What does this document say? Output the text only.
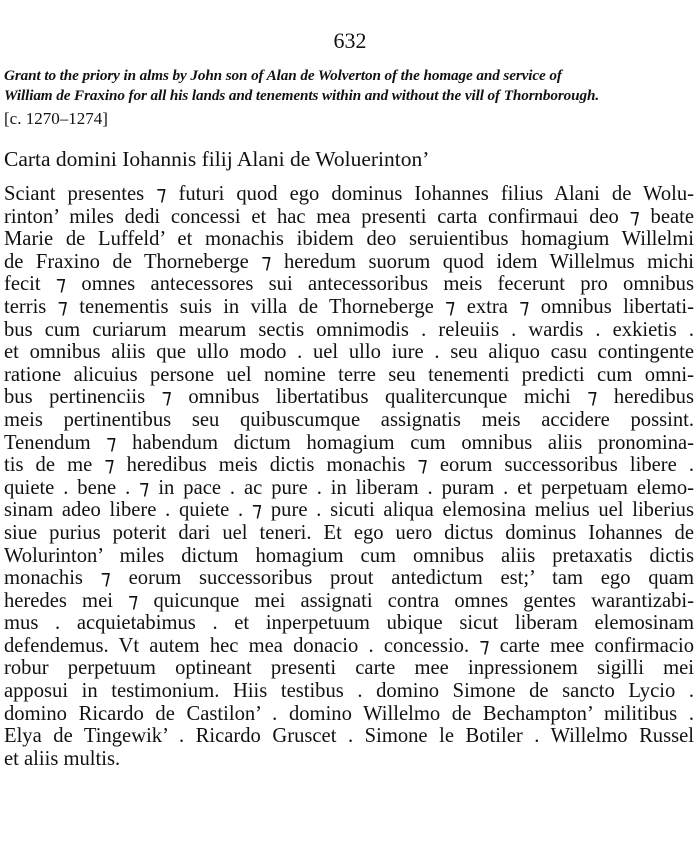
632
Grant to the priory in alms by John son of Alan de Wolverton of the homage and service of
William de Fraxino for all his lands and tenements within and without the vill of Thornborough.
[c. 1270–1274]
Carta domini Iohannis filij Alani de Woluerinton’
Sciant presentes ⁊ futuri quod ego dominus Iohannes filius Alani de Wolu-
rinton’ miles dedi concessi et hac mea presenti carta confirmaui deo ⁊ beate
Marie de Luffeld’ et monachis ibidem deo seruientibus homagium Willelmi
de Fraxino de Thorneberge ⁊ heredum suorum quod idem Willelmus michi
fecit ⁊ omnes antecessores sui antecessoribus meis fecerunt pro omnibus
terris ⁊ tenementis suis in villa de Thorneberge ⁊ extra ⁊ omnibus libertati-
bus cum curiarum mearum sectis omnimodis . releuiis . wardis . exkietis .
et omnibus aliis que ullo modo . uel ullo iure . seu aliquo casu contingente
ratione alicuius persone uel nomine terre seu tenementi predicti cum omni-
bus pertinenciis ⁊ omnibus libertatibus qualitercunque michi ⁊ heredibus
meis pertinentibus seu quibuscumque assignatis meis accidere possint.
Tenendum ⁊ habendum dictum homagium cum omnibus aliis pronomina-
tis de me ⁊ heredibus meis dictis monachis ⁊ eorum successoribus libere .
quiete . bene . ⁊ in pace . ac pure . in liberam . puram . et perpetuam elemo-
sinam adeo libere . quiete . ⁊ pure . sicuti aliqua elemosina melius uel liberius
siue purius poterit dari uel teneri. Et ego uero dictus dominus Iohannes de
Wolurinton’ miles dictum homagium cum omnibus aliis pretaxatis dictis
monachis ⁊ eorum successoribus prout antedictum est;’ tam ego quam
heredes mei ⁊ quicunque mei assignati contra omnes gentes warantizabi-
mus . acquietabimus . et inperpetuum ubique sicut liberam elemosinam
defendemus. Vt autem hec mea donacio . concessio. ⁊ carte mee confirmacio
robur perpetuum optineant presenti carte mee inpressionem sigilli mei
apposui in testimonium. Hiis testibus . domino Simone de sancto Lycio .
domino Ricardo de Castilon’ . domino Willelmo de Bechampton’ militibus .
Elya de Tingewik’ . Ricardo Gruscet . Simone le Botiler . Willelmo Russel
et aliis multis.
